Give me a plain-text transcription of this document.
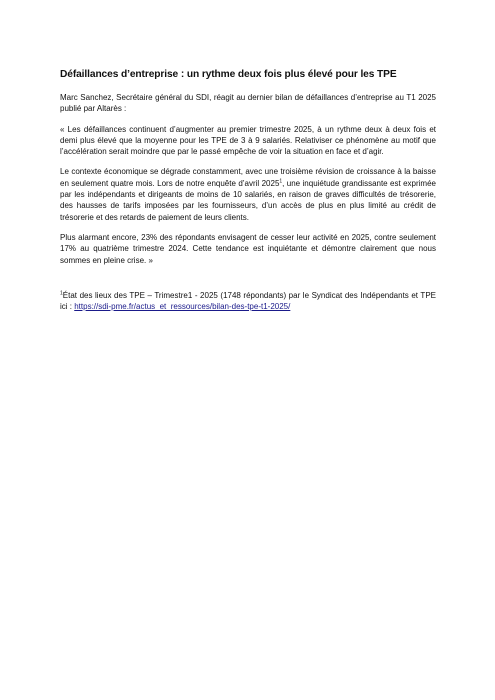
Défaillances d’entreprise : un rythme deux fois plus élevé pour les TPE

Marc Sanchez, Secrétaire général du SDI, réagit au dernier bilan de défaillances d’entreprise au T1 2025 publié par Altarès :

« Les défaillances continuent d’augmenter au premier trimestre 2025, à un rythme deux à deux fois et demi plus élevé que la moyenne pour les TPE de 3 à 9 salariés. Relativiser ce phénomène au motif que l’accélération serait moindre que par le passé empêche de voir la situation en face et d’agir.

Le contexte économique se dégrade constamment, avec une troisième révision de croissance à la baisse en seulement quatre mois. Lors de notre enquête d’avril 2025$^1$, une inquiétude grandissante est exprimée par les indépendants et dirigeants de moins de 10 salariés, en raison de graves difficultés de trésorerie, des hausses de tarifs imposées par les fournisseurs, d’un accès de plus en plus limité au crédit de trésorerie et des retards de paiement de leurs clients.

Plus alarmant encore, 23% des répondants envisagent de cesser leur activité en 2025, contre seulement 17% au quatrième trimestre 2024. Cette tendance est inquiétante et démontre clairement que nous sommes en pleine crise. »

$^1$État des lieux des TPE – Trimestre1 - 2025 (1748 répondants) par le Syndicat des Indépendants et TPE ici : https://sdi-pme.fr/actus_et_ressources/bilan-des-tpe-t1-2025/
